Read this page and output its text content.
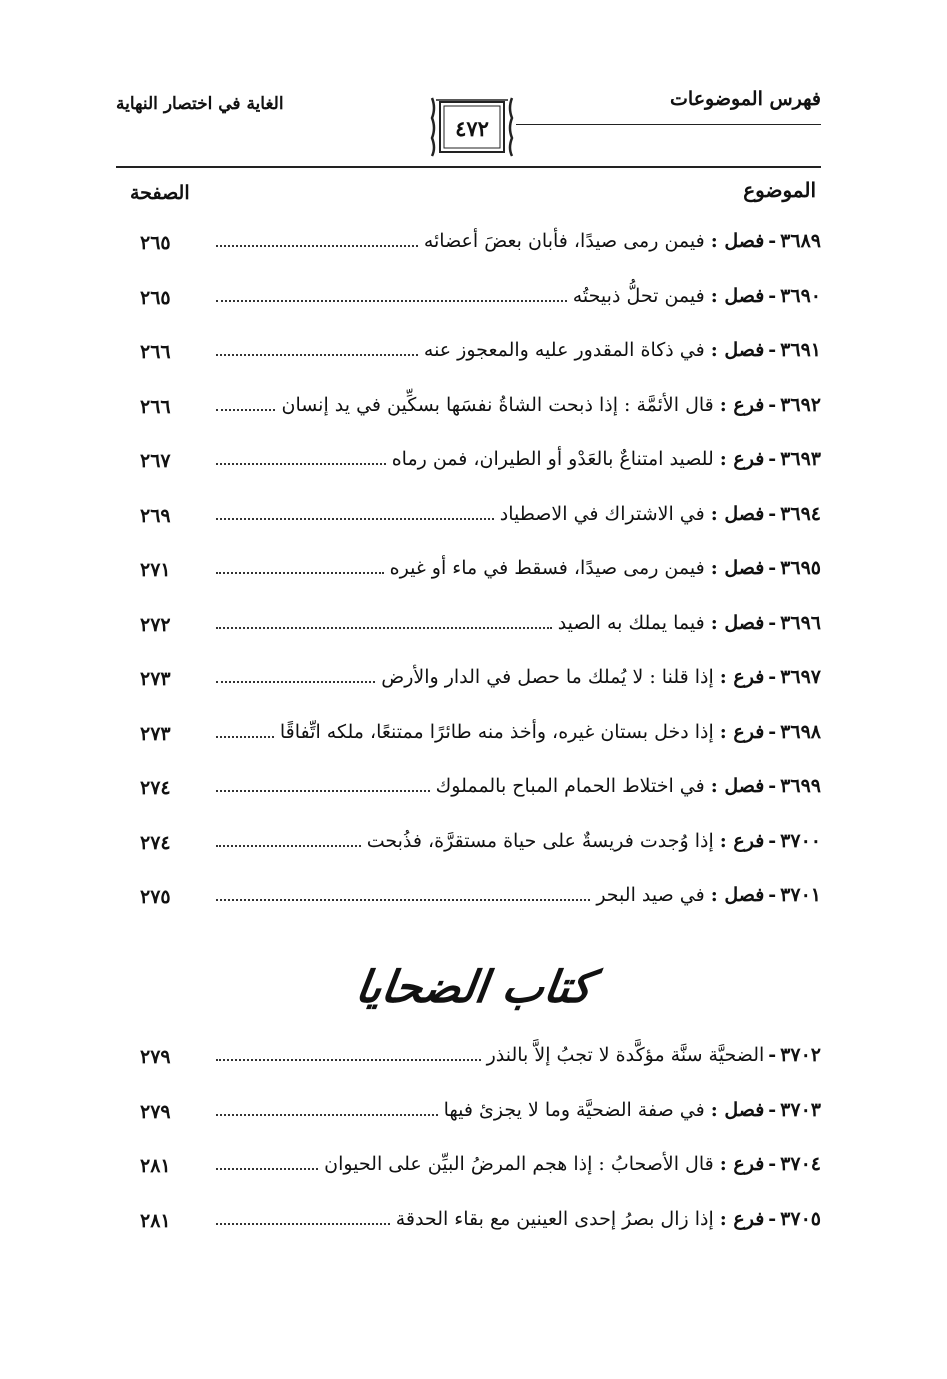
فهرس الموضوعات
الغاية في اختصار النهاية
٤٧٢
الموضوع
الصفحة
٣٦٨٩
-
فصل :
فيمن رمى صيدًا، فأبان بعضَ أعضائه
٢٦٥
٣٦٩٠
-
فصل :
فيمن تحلُّ ذبيحتُه
٢٦٥
٣٦٩١
-
فصل :
في ذكاة المقدور عليه والمعجوز عنه
٢٦٦
٣٦٩٢
-
فرع :
قال الأئمَّة : إذا ذبحت الشاةُ نفسَها بسكِّين في يد إنسان
٢٦٦
٣٦٩٣
-
فرع :
للصيد امتناعٌ بالعَدْو أو الطيران، فمن رماه
٢٦٧
٣٦٩٤
-
فصل :
في الاشتراك في الاصطياد
٢٦٩
٣٦٩٥
-
فصل :
فيمن رمى صيدًا، فسقط في ماء أو غيره
٢٧١
٣٦٩٦
-
فصل :
فيما يملك به الصيد
٢٧٢
٣٦٩٧
-
فرع :
إذا قلنا : لا يُملك ما حصل في الدار والأرض
٢٧٣
٣٦٩٨
-
فرع :
إذا دخل بستان غيره، وأخذ منه طائرًا ممتنعًا، ملكه اتِّفاقًا
٢٧٣
٣٦٩٩
-
فصل :
في اختلاط الحمام المباح بالمملوك
٢٧٤
٣٧٠٠
-
فرع :
إذا وُجدت فريسةٌ على حياة مستقرَّة، فذُبحت
٢٧٤
٣٧٠١
-
فصل :
في صيد البحر
٢٧٥
كتاب الضحايا
٣٧٠٢
-
الضحيَّة سنَّة مؤكَّدة لا تجبُ إلاَّ بالنذر
٢٧٩
٣٧٠٣
-
فصل :
في صفة الضحيَّة وما لا يجزئ فيها
٢٧٩
٣٧٠٤
-
فرع :
قال الأصحابُ : إذا هجم المرضُ البيِّن على الحيوان
٢٨١
٣٧٠٥
-
فرع :
إذا زال بصرُ إحدى العينين مع بقاء الحدقة
٢٨١
